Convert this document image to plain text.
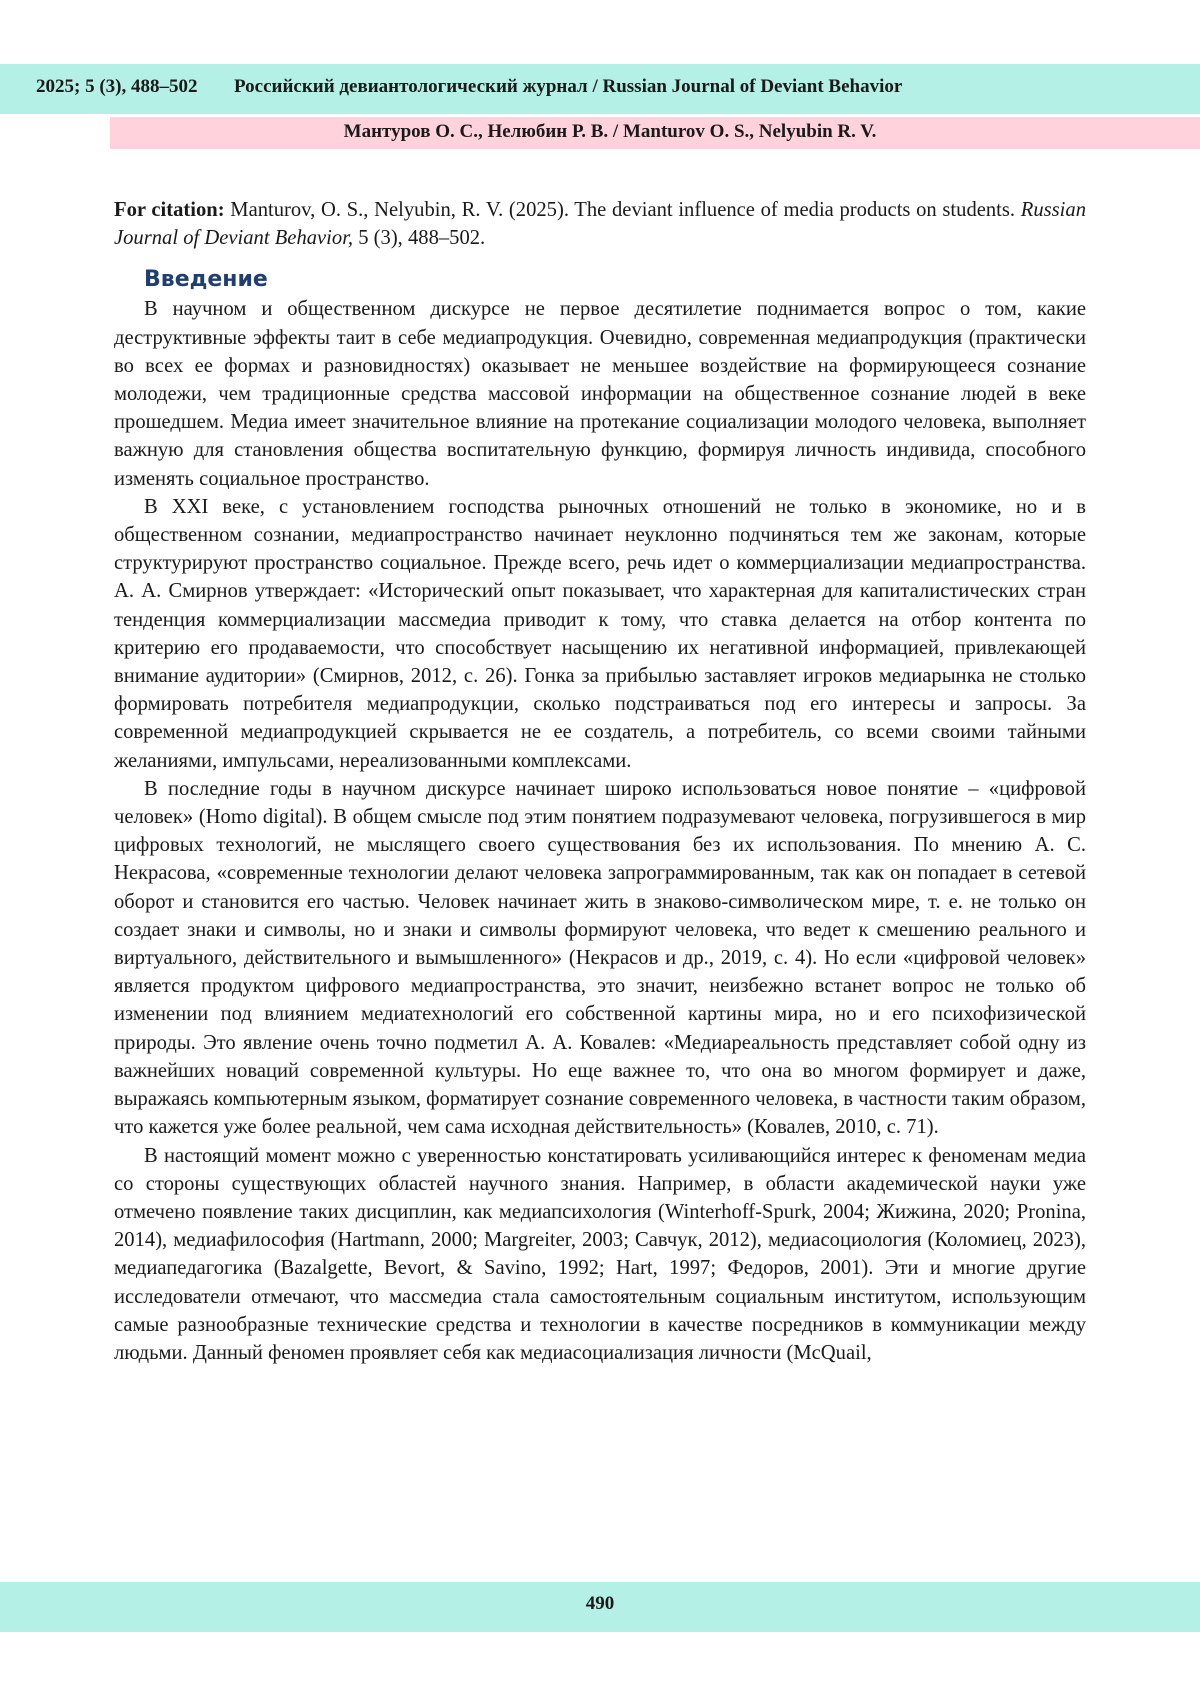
2025; 5 (3), 488–502 Российский девиантологический журнал / Russian Journal of Deviant Behavior
Мантуров О. С., Нелюбин Р. В. / Manturov O. S., Nelyubin R. V.

For citation: Manturov, O. S., Nelyubin, R. V. (2025). The deviant influence of media products on students. Russian Journal of Deviant Behavior, 5 (3), 488–502.

Введение

В научном и общественном дискурсе не первое десятилетие поднимается вопрос о том, какие деструктивные эффекты таит в себе медиапродукция. Очевидно, современная медиапродукция (практически во всех ее формах и разновидностях) оказывает не меньшее воздействие на формирующееся сознание молодежи, чем традиционные средства массовой информации на общественное сознание людей в веке прошедшем. Медиа имеет значительное влияние на протекание социализации молодого человека, выполняет важную для становления общества воспитательную функцию, формируя личность индивида, способного изменять социальное пространство.

В XXI веке, с установлением господства рыночных отношений не только в экономике, но и в общественном сознании, медиапространство начинает неуклонно подчиняться тем же законам, которые структурируют пространство социальное. Прежде всего, речь идет о коммерциализации медиапространства. А. А. Смирнов утверждает: «Исторический опыт показывает, что характерная для капиталистических стран тенденция коммерциализации массмедиа приводит к тому, что ставка делается на отбор контента по критерию его продаваемости, что способствует насыщению их негативной информацией, привлекающей внимание аудитории» (Смирнов, 2012, с. 26). Гонка за прибылью заставляет игроков медиарынка не столько формировать потребителя медиапродукции, сколько подстраиваться под его интересы и запросы. За современной медиапродукцией скрывается не ее создатель, а потребитель, со всеми своими тайными желаниями, импульсами, нереализованными комплексами.

В последние годы в научном дискурсе начинает широко использоваться новое понятие – «цифровой человек» (Homo digital). В общем смысле под этим понятием подразумевают человека, погрузившегося в мир цифровых технологий, не мыслящего своего существования без их использования. По мнению А. С. Некрасова, «современные технологии делают человека запрограммированным, так как он попадает в сетевой оборот и становится его частью. Человек начинает жить в знаково-символическом мире, т. е. не только он создает знаки и символы, но и знаки и символы формируют человека, что ведет к смешению реального и виртуального, действительного и вымышленного» (Некрасов и др., 2019, с. 4). Но если «цифровой человек» является продуктом цифрового медиапространства, это значит, неизбежно встанет вопрос не только об изменении под влиянием медиатехнологий его собственной картины мира, но и его психофизической природы. Это явление очень точно подметил А. А. Ковалев: «Медиареальность представляет собой одну из важнейших новаций современной культуры. Но еще важнее то, что она во многом формирует и даже, выражаясь компьютерным языком, форматирует сознание современного человека, в частности таким образом, что кажется уже более реальной, чем сама исходная действительность» (Ковалев, 2010, с. 71).

В настоящий момент можно с уверенностью констатировать усиливающийся интерес к феноменам медиа со стороны существующих областей научного знания. Например, в области академической науки уже отмечено появление таких дисциплин, как медиапсихология (Winterhoff-Spurk, 2004; Жижина, 2020; Pronina, 2014), медиафилософия (Hartmann, 2000; Margreiter, 2003; Савчук, 2012), медиасоциология (Коломиец, 2023), медиапедагогика (Bazalgette, Bevort, & Savino, 1992; Hart, 1997; Федоров, 2001). Эти и многие другие исследователи отмечают, что массмедиа стала самостоятельным социальным институтом, использующим самые разнообразные технические средства и технологии в качестве посредников в коммуникации между людьми. Данный феномен проявляет себя как медиасоциализация личности (McQuail,

490
